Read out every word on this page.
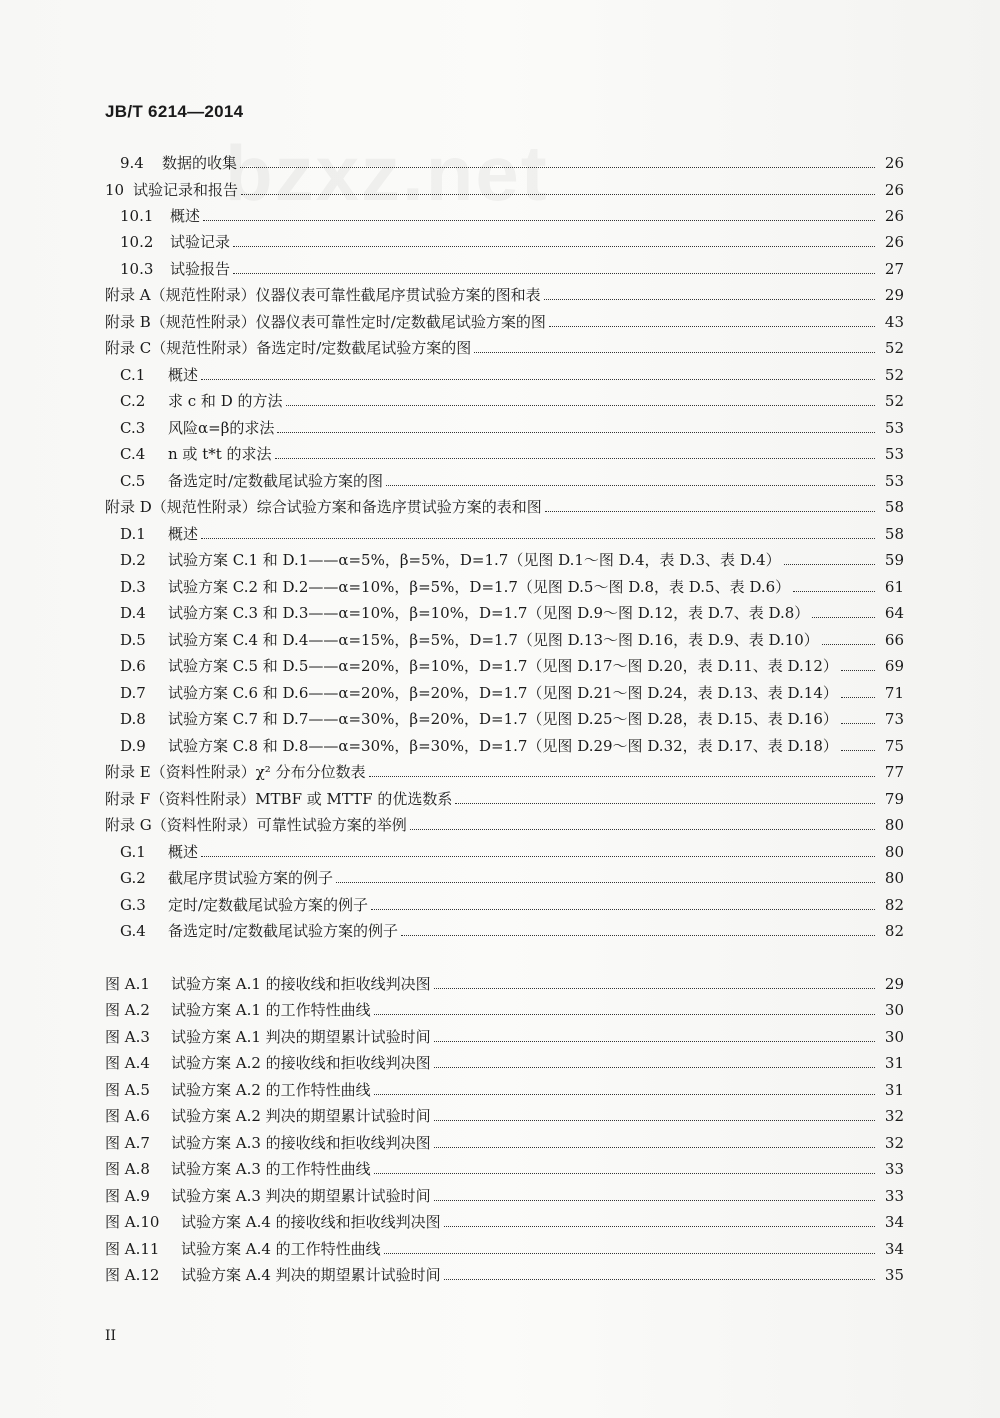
JB/T 6214—2014
bzxz.net
9.4	数据的收集	26
10 试验记录和报告	26
10.1	概述	26
10.2	试验记录	26
10.3	试验报告	27
附录 A （规范性附录）仪器仪表可靠性截尾序贯试验方案的图和表	29
附录 B （规范性附录）仪器仪表可靠性定时/定数截尾试验方案的图	43
附录 C （规范性附录）备选定时/定数截尾试验方案的图	52
C.1	概述	52
C.2	求 c 和 D 的方法	52
C.3	风险α=β的求法	53
C.4	n 或 t*t 的求法	53
C.5	备选定时/定数截尾试验方案的图	53
附录 D （规范性附录）综合试验方案和备选序贯试验方案的表和图	58
D.1	概述	58
D.2	试验方案 C.1 和 D.1——α=5%，β=5%，D=1.7（见图 D.1～图 D.4，表 D.3、表 D.4）	59
D.3	试验方案 C.2 和 D.2——α=10%，β=5%，D=1.7（见图 D.5～图 D.8，表 D.5、表 D.6）	61
D.4	试验方案 C.3 和 D.3——α=10%，β=10%，D=1.7（见图 D.9～图 D.12，表 D.7、表 D.8）	64
D.5	试验方案 C.4 和 D.4——α=15%，β=5%，D=1.7（见图 D.13～图 D.16，表 D.9、表 D.10）	66
D.6	试验方案 C.5 和 D.5——α=20%，β=10%，D=1.7（见图 D.17～图 D.20，表 D.11、表 D.12）	69
D.7	试验方案 C.6 和 D.6——α=20%，β=20%，D=1.7（见图 D.21～图 D.24，表 D.13、表 D.14）	71
D.8	试验方案 C.7 和 D.7——α=30%，β=20%，D=1.7（见图 D.25～图 D.28，表 D.15、表 D.16）	73
D.9	试验方案 C.8 和 D.8——α=30%，β=30%，D=1.7（见图 D.29～图 D.32，表 D.17、表 D.18）	75
附录 E （资料性附录）χ² 分布分位数表	77
附录 F （资料性附录）MTBF 或 MTTF 的优选数系	79
附录 G （资料性附录）可靠性试验方案的举例	80
G.1	概述	80
G.2	截尾序贯试验方案的例子	80
G.3	定时/定数截尾试验方案的例子	82
G.4	备选定时/定数截尾试验方案的例子	82
图 A.1	试验方案 A.1 的接收线和拒收线判决图	29
图 A.2	试验方案 A.1 的工作特性曲线	30
图 A.3	试验方案 A.1 判决的期望累计试验时间	30
图 A.4	试验方案 A.2 的接收线和拒收线判决图	31
图 A.5	试验方案 A.2 的工作特性曲线	31
图 A.6	试验方案 A.2 判决的期望累计试验时间	32
图 A.7	试验方案 A.3 的接收线和拒收线判决图	32
图 A.8	试验方案 A.3 的工作特性曲线	33
图 A.9	试验方案 A.3 判决的期望累计试验时间	33
图 A.10	试验方案 A.4 的接收线和拒收线判决图	34
图 A.11	试验方案 A.4 的工作特性曲线	34
图 A.12	试验方案 A.4 判决的期望累计试验时间	35
II
